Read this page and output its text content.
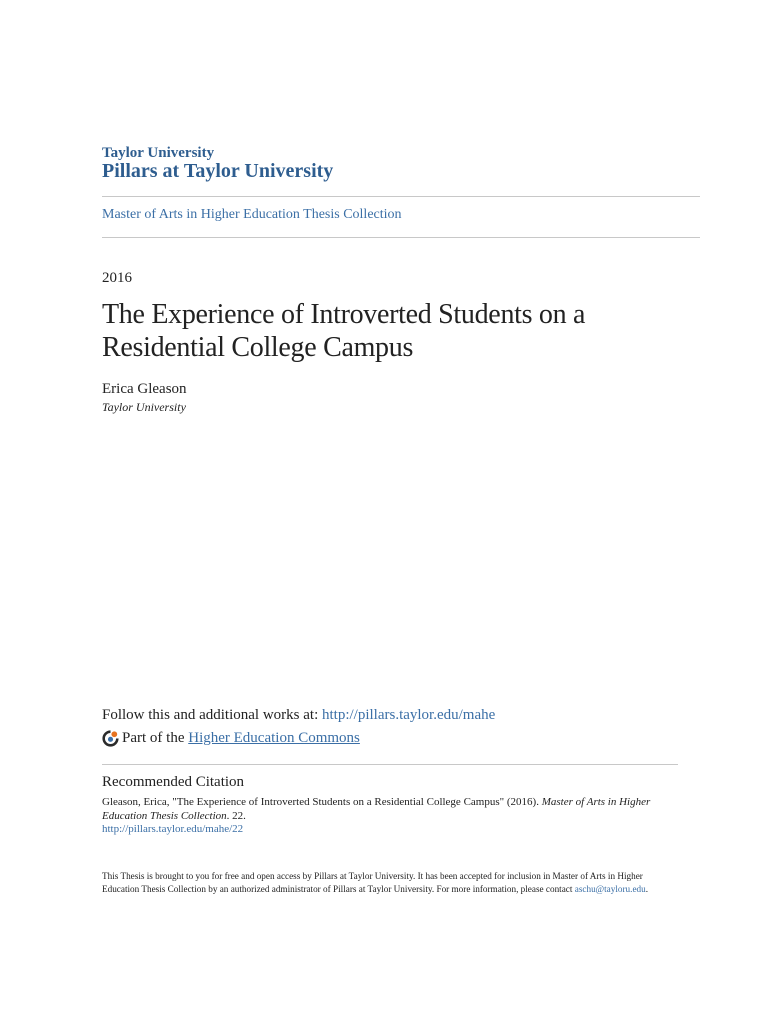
Taylor University
Pillars at Taylor University
Master of Arts in Higher Education Thesis Collection
2016
The Experience of Introverted Students on a Residential College Campus
Erica Gleason
Taylor University
Follow this and additional works at: http://pillars.taylor.edu/mahe
Part of the
Higher Education Commons
Recommended Citation
Gleason, Erica, "The Experience of Introverted Students on a Residential College Campus" (2016). Master of Arts in Higher Education Thesis Collection. 22.
http://pillars.taylor.edu/mahe/22
This Thesis is brought to you for free and open access by Pillars at Taylor University. It has been accepted for inclusion in Master of Arts in Higher Education Thesis Collection by an authorized administrator of Pillars at Taylor University. For more information, please contact aschu@tayloru.edu.
